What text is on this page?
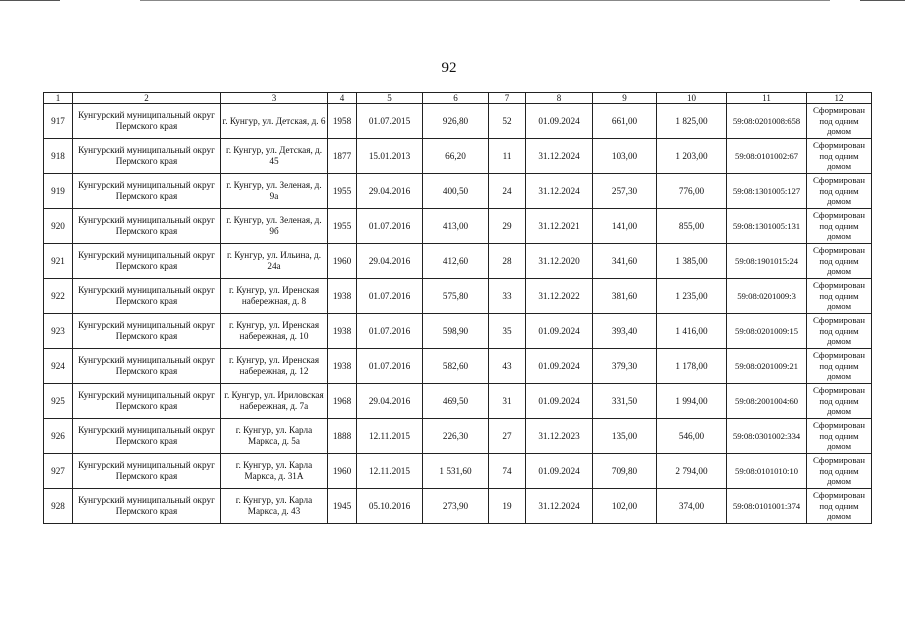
92
1	2	3	4	5	6	7	8	9	10	11	12
917	Кунгурский муниципальный округ Пермского края	г. Кунгур, ул. Детская, д. 6	1958	01.07.2015	926,80	52	01.09.2024	661,00	1 825,00	59:08:0201008:658	Сформирован под одним домом
918	Кунгурский муниципальный округ Пермского края	г. Кунгур, ул. Детская, д. 45	1877	15.01.2013	66,20	11	31.12.2024	103,00	1 203,00	59:08:0101002:67	Сформирован под одним домом
919	Кунгурский муниципальный округ Пермского края	г. Кунгур, ул. Зеленая, д. 9а	1955	29.04.2016	400,50	24	31.12.2024	257,30	776,00	59:08:1301005:127	Сформирован под одним домом
920	Кунгурский муниципальный округ Пермского края	г. Кунгур, ул. Зеленая, д. 9б	1955	01.07.2016	413,00	29	31.12.2021	141,00	855,00	59:08:1301005:131	Сформирован под одним домом
921	Кунгурский муниципальный округ Пермского края	г. Кунгур, ул. Ильина, д. 24а	1960	29.04.2016	412,60	28	31.12.2020	341,60	1 385,00	59:08:1901015:24	Сформирован под одним домом
922	Кунгурский муниципальный округ Пермского края	г. Кунгур, ул. Иренская набережная, д. 8	1938	01.07.2016	575,80	33	31.12.2022	381,60	1 235,00	59:08:0201009:3	Сформирован под одним домом
923	Кунгурский муниципальный округ Пермского края	г. Кунгур, ул. Иренская набережная, д. 10	1938	01.07.2016	598,90	35	01.09.2024	393,40	1 416,00	59:08:0201009:15	Сформирован под одним домом
924	Кунгурский муниципальный округ Пермского края	г. Кунгур, ул. Иренская набережная, д. 12	1938	01.07.2016	582,60	43	01.09.2024	379,30	1 178,00	59:08:0201009:21	Сформирован под одним домом
925	Кунгурский муниципальный округ Пермского края	г. Кунгур, ул. Ириловская набережная, д. 7а	1968	29.04.2016	469,50	31	01.09.2024	331,50	1 994,00	59:08:2001004:60	Сформирован под одним домом
926	Кунгурский муниципальный округ Пермского края	г. Кунгур, ул. Карла Маркса, д. 5а	1888	12.11.2015	226,30	27	31.12.2023	135,00	546,00	59:08:0301002:334	Сформирован под одним домом
927	Кунгурский муниципальный округ Пермского края	г. Кунгур, ул. Карла Маркса, д. 31А	1960	12.11.2015	1 531,60	74	01.09.2024	709,80	2 794,00	59:08:0101010:10	Сформирован под одним домом
928	Кунгурский муниципальный округ Пермского края	г. Кунгур, ул. Карла Маркса, д. 43	1945	05.10.2016	273,90	19	31.12.2024	102,00	374,00	59:08:0101001:374	Сформирован под одним домом
